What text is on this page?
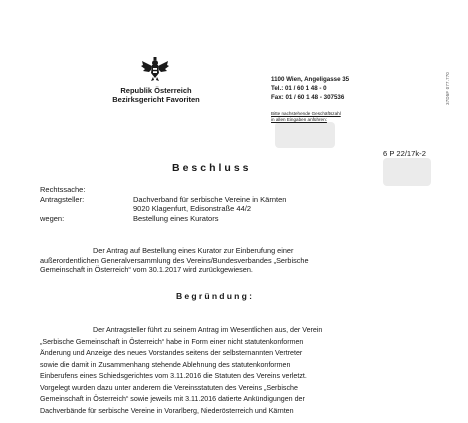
Republik Österreich
Bezirksgericht Favoriten
1100 Wien, Angeligasse 35
Tel.: 01 / 60 1 48 - 0
Fax: 01 / 60 1 48 - 307536
Bitte nachstehende Geschäftszahl
in allen Eingaben anführen:
37D5F 077.770
6 P 22/17k-2
Beschluss
Rechtssache:
Antragsteller:	Dachverband für serbische Vereine in Kärnten
9020 Klagenfurt, Edisonstraße 44/2
wegen:	Bestellung eines Kurators

Der Antrag auf Bestellung eines Kurator zur Einberufung einer

außerordentlichen Generalversammlung des Vereins/Bundesverbandes „Serbische

Gemeinschaft in Österreich“ vom 30.1.2017 wird zurückgewiesen.

Begründung:
Der Antragsteller führt zu seinem Antrag im Wesentlichen aus, der Verein
„Serbische Gemeinschaft in Österreich“ habe in Form einer nicht statutenkonformen
Änderung und Anzeige des neues Vorstandes seitens der selbsternannten Vertreter
sowie die damit in Zusammenhang stehende Ablehnung des statutenkonformen
Einberufens eines Schiedsgerichtes vom 3.11.2016 die Statuten des Vereins verletzt.
Vorgelegt wurden dazu unter anderem die Vereinsstatuten des Vereins „Serbische
Gemeinschaft in Österreich“ sowie jeweils mit 3.11.2016 datierte Ankündigungen der
Dachverbände für serbische Vereine in Vorarlberg, Niederösterreich und Kärnten
